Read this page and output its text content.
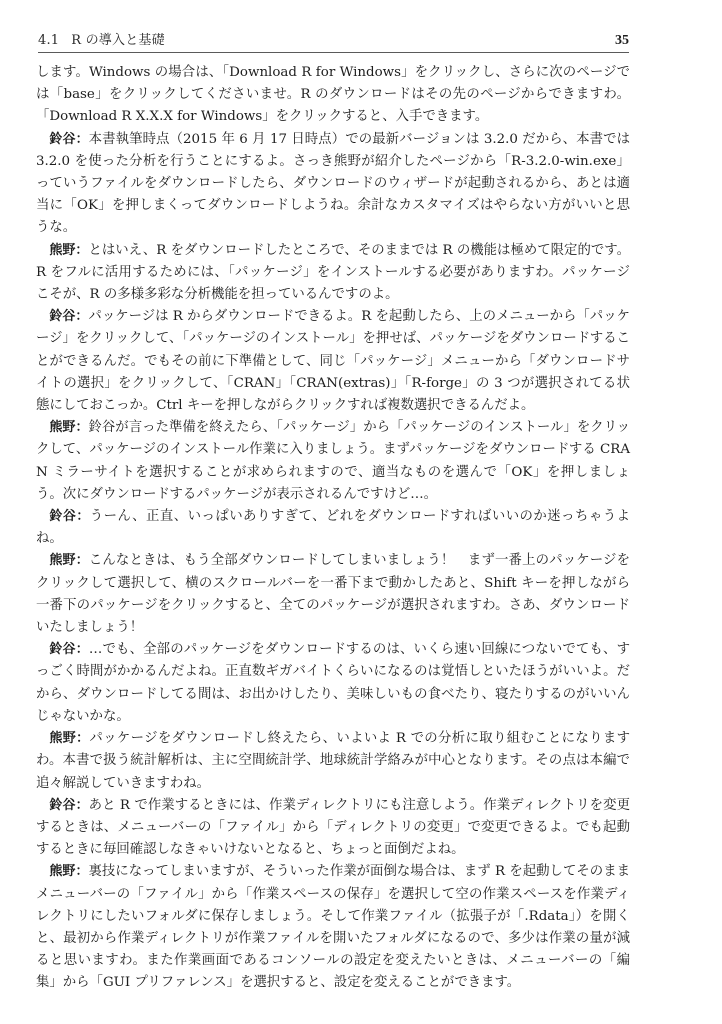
4.1 R の導入と基礎	35

します。Windows の場合は、「Download R for Windows」をクリックし、さらに次のページでは「base」をクリックしてくださいませ。R のダウンロードはその先のページからできますわ。「Download R X.X.X for Windows」をクリックすると、入手できます。

鈴谷：本書執筆時点（2015 年 6 月 17 日時点）での最新バージョンは 3.2.0 だから、本書では 3.2.0 を使った分析を行うことにするよ。さっき熊野が紹介したページから「R-3.2.0-win.exe」っていうファイルをダウンロードしたら、ダウンロードのウィザードが起動されるから、あとは適当に「OK」を押しまくってダウンロードしようね。余計なカスタマイズはやらない方がいいと思うな。

熊野：とはいえ、R をダウンロードしたところで、そのままでは R の機能は極めて限定的です。R をフルに活用するためには、「パッケージ」をインストールする必要がありますわ。パッケージこそが、R の多様多彩な分析機能を担っているんですのよ。

鈴谷：パッケージは R からダウンロードできるよ。R を起動したら、上のメニューから「パッケージ」をクリックして、「パッケージのインストール」を押せば、パッケージをダウンロードすることができるんだ。でもその前に下準備として、同じ「パッケージ」メニューから「ダウンロードサイトの選択」をクリックして、「CRAN」「CRAN(extras)」「R-forge」の 3 つが選択されてる状態にしておこっか。Ctrl キーを押しながらクリックすれば複数選択できるんだよ。

熊野：鈴谷が言った準備を終えたら、「パッケージ」から「パッケージのインストール」をクリックして、パッケージのインストール作業に入りましょう。まずパッケージをダウンロードする CRAN ミラーサイトを選択することが求められますので、適当なものを選んで「OK」を押しましょう。次にダウンロードするパッケージが表示されるんですけど…。

鈴谷：うーん、正直、いっぱいありすぎて、どれをダウンロードすればいいのか迷っちゃうよね。

熊野：こんなときは、もう全部ダウンロードしてしまいましょう！　まず一番上のパッケージをクリックして選択して、横のスクロールバーを一番下まで動かしたあと、Shift キーを押しながら一番下のパッケージをクリックすると、全てのパッケージが選択されますわ。さあ、ダウンロードいたしましょう！

鈴谷：…でも、全部のパッケージをダウンロードするのは、いくら速い回線につないでても、すっごく時間がかかるんだよね。正直数ギガバイトくらいになるのは覚悟しといたほうがいいよ。だから、ダウンロードしてる間は、お出かけしたり、美味しいもの食べたり、寝たりするのがいいんじゃないかな。

熊野：パッケージをダウンロードし終えたら、いよいよ R での分析に取り組むことになりますわ。本書で扱う統計解析は、主に空間統計学、地球統計学絡みが中心となります。その点は本編で追々解説していきますわね。

鈴谷：あと R で作業するときには、作業ディレクトリにも注意しよう。作業ディレクトリを変更するときは、メニューバーの「ファイル」から「ディレクトリの変更」で変更できるよ。でも起動するときに毎回確認しなきゃいけないとなると、ちょっと面倒だよね。

熊野：裏技になってしまいますが、そういった作業が面倒な場合は、まず R を起動してそのままメニューバーの「ファイル」から「作業スペースの保存」を選択して空の作業スペースを作業ディレクトリにしたいフォルダに保存しましょう。そして作業ファイル（拡張子が「.Rdata」）を開くと、最初から作業ディレクトリが作業ファイルを開いたフォルダになるので、多少は作業の量が減ると思いますわ。また作業画面であるコンソールの設定を変えたいときは、メニューバーの「編集」から「GUI プリファレンス」を選択すると、設定を変えることができます。
